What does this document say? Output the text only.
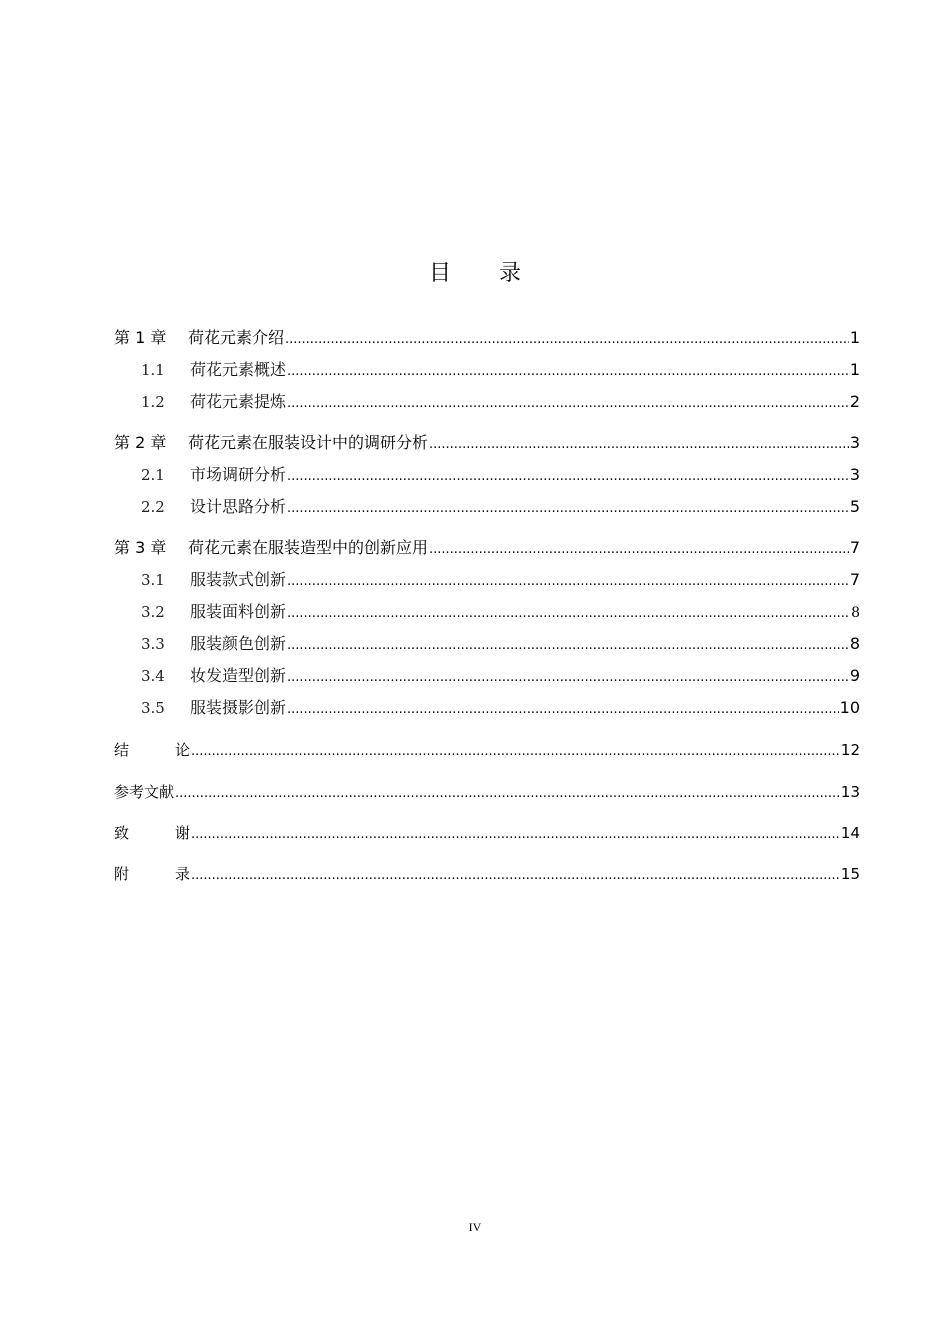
目 录
第 1 章	荷花元素介绍 .....	1
1.1	荷花元素概述 .....	1
1.2	荷花元素提炼 .....	2
第 2 章	荷花元素在服装设计中的调研分析 .....	3
2.1	市场调研分析 .....	3
2.2	设计思路分析 .....	5
第 3 章	荷花元素在服装造型中的创新应用 .....	7
3.1	服装款式创新 .....	7
3.2	服装面料创新 .....	8
3.3	服装颜色创新 .....	8
3.4	妆发造型创新 .....	9
3.5	服装摄影创新 .....	10
结	论 .....	12
参考文献 .....	13
致	谢 .....	14
附	录 .....	15
IV
